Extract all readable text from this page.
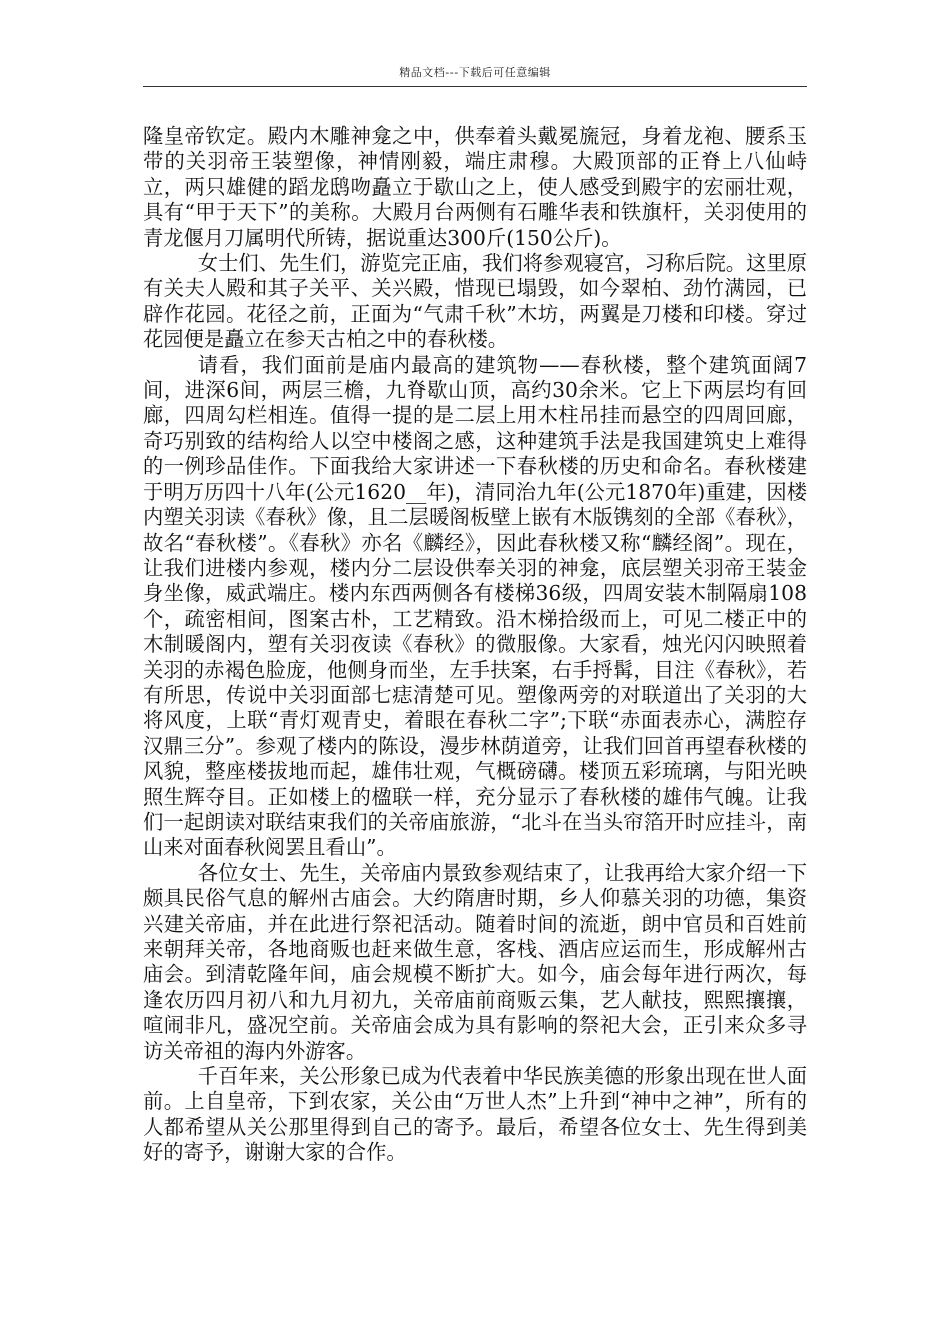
精品文档---下载后可任意编辑

隆皇帝钦定。殿内木雕神龛之中，供奉着头戴冕旒冠，身着龙袍、腰系玉带的关羽帝王装塑像，神情刚毅，端庄肃穆。大殿顶部的正脊上八仙峙立，两只雄健的蹈龙鸱吻矗立于歇山之上，使人感受到殿宇的宏丽壮观，具有“甲于天下”的美称。大殿月台两侧有石雕华表和铁旗杆，关羽使用的青龙偃月刀属明代所铸，据说重达300斤(150公斤)。

女士们、先生们，游览完正庙，我们将参观寝宫，习称后院。这里原有关夫人殿和其子关平、关兴殿，惜现已塌毁，如今翠柏、劲竹满园，已辟作花园。花径之前，正面为“气肃千秋”木坊，两翼是刀楼和印楼。穿过花园便是矗立在参天古柏之中的春秋楼。

请看，我们面前是庙内最高的建筑物——春秋楼，整个建筑面阔7间，进深6间，两层三檐，九脊歇山顶，高约30余米。它上下两层均有回廊，四周勾栏相连。值得一提的是二层上用木柱吊挂而悬空的四周回廊，奇巧别致的结构给人以空中楼阁之感，这种建筑手法是我国建筑史上难得的一例珍品佳作。下面我给大家讲述一下春秋楼的历史和命名。春秋楼建于明万历四十八年(公元1620__年)，清同治九年(公元1870年)重建，因楼内塑关羽读《春秋》像，且二层暖阁板壁上嵌有木版镌刻的全部《春秋》，故名“春秋楼”。《春秋》亦名《麟经》，因此春秋楼又称“麟经阁”。现在，让我们进楼内参观，楼内分二层设供奉关羽的神龛，底层塑关羽帝王装金身坐像，威武端庄。楼内东西两侧各有楼梯36级，四周安装木制隔扇108个，疏密相间，图案古朴，工艺精致。沿木梯拾级而上，可见二楼正中的木制暖阁内，塑有关羽夜读《春秋》的微服像。大家看，烛光闪闪映照着关羽的赤褐色脸庞，他侧身而坐，左手扶案，右手捋髯，目注《春秋》，若有所思，传说中关羽面部七痣清楚可见。塑像两旁的对联道出了关羽的大将风度，上联“青灯观青史，着眼在春秋二字”;下联“赤面表赤心，满腔存汉鼎三分”。参观了楼内的陈设，漫步林荫道旁，让我们回首再望春秋楼的风貌，整座楼拔地而起，雄伟壮观，气概磅礴。楼顶五彩琉璃，与阳光映照生辉夺目。正如楼上的楹联一样，充分显示了春秋楼的雄伟气魄。让我们一起朗读对联结束我们的关帝庙旅游，“北斗在当头帘箔开时应挂斗，南山来对面春秋阅罢且看山”。

各位女士、先生，关帝庙内景致参观结束了，让我再给大家介绍一下颇具民俗气息的解州古庙会。大约隋唐时期，乡人仰慕关羽的功德，集资兴建关帝庙，并在此进行祭祀活动。随着时间的流逝，朗中官员和百姓前来朝拜关帝，各地商贩也赶来做生意，客栈、酒店应运而生，形成解州古庙会。到清乾隆年间，庙会规模不断扩大。如今，庙会每年进行两次，每逢农历四月初八和九月初九，关帝庙前商贩云集，艺人献技，熙熙攘攘，喧闹非凡，盛况空前。关帝庙会成为具有影响的祭祀大会，正引来众多寻访关帝祖的海内外游客。

千百年来，关公形象已成为代表着中华民族美德的形象出现在世人面前。上自皇帝，下到农家，关公由“万世人杰”上升到“神中之神”，所有的人都希望从关公那里得到自己的寄予。最后，希望各位女士、先生得到美好的寄予，谢谢大家的合作。
